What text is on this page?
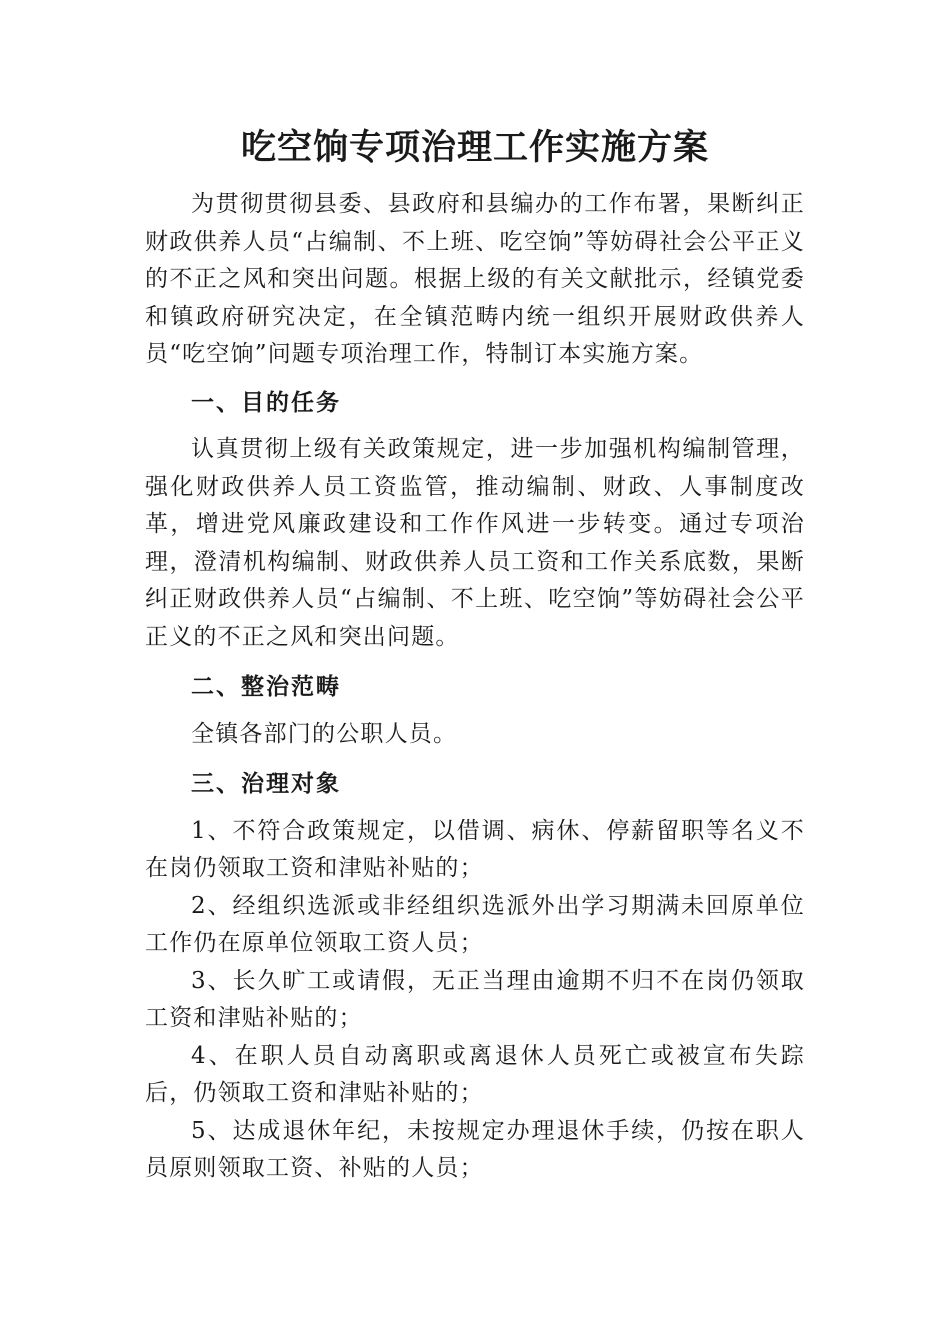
吃空饷专项治理工作实施方案

为贯彻贯彻县委、县政府和县编办的工作布署，果断纠正财政供养人员“占编制、不上班、吃空饷”等妨碍社会公平正义的不正之风和突出问题。根据上级的有关文献批示，经镇党委和镇政府研究决定，在全镇范畴内统一组织开展财政供养人员“吃空饷”问题专项治理工作，特制订本实施方案。

一、目的任务

认真贯彻上级有关政策规定，进一步加强机构编制管理，强化财政供养人员工资监管，推动编制、财政、人事制度改革，增进党风廉政建设和工作作风进一步转变。通过专项治理，澄清机构编制、财政供养人员工资和工作关系底数，果断纠正财政供养人员“占编制、不上班、吃空饷”等妨碍社会公平正义的不正之风和突出问题。

二、整治范畴

全镇各部门的公职人员。

三、治理对象

1、不符合政策规定，以借调、病休、停薪留职等名义不在岗仍领取工资和津贴补贴的；

2、经组织选派或非经组织选派外出学习期满未回原单位工作仍在原单位领取工资人员；

3、长久旷工或请假，无正当理由逾期不归不在岗仍领取工资和津贴补贴的；

4、在职人员自动离职或离退休人员死亡或被宣布失踪后，仍领取工资和津贴补贴的；

5、达成退休年纪，未按规定办理退休手续，仍按在职人员原则领取工资、补贴的人员；
